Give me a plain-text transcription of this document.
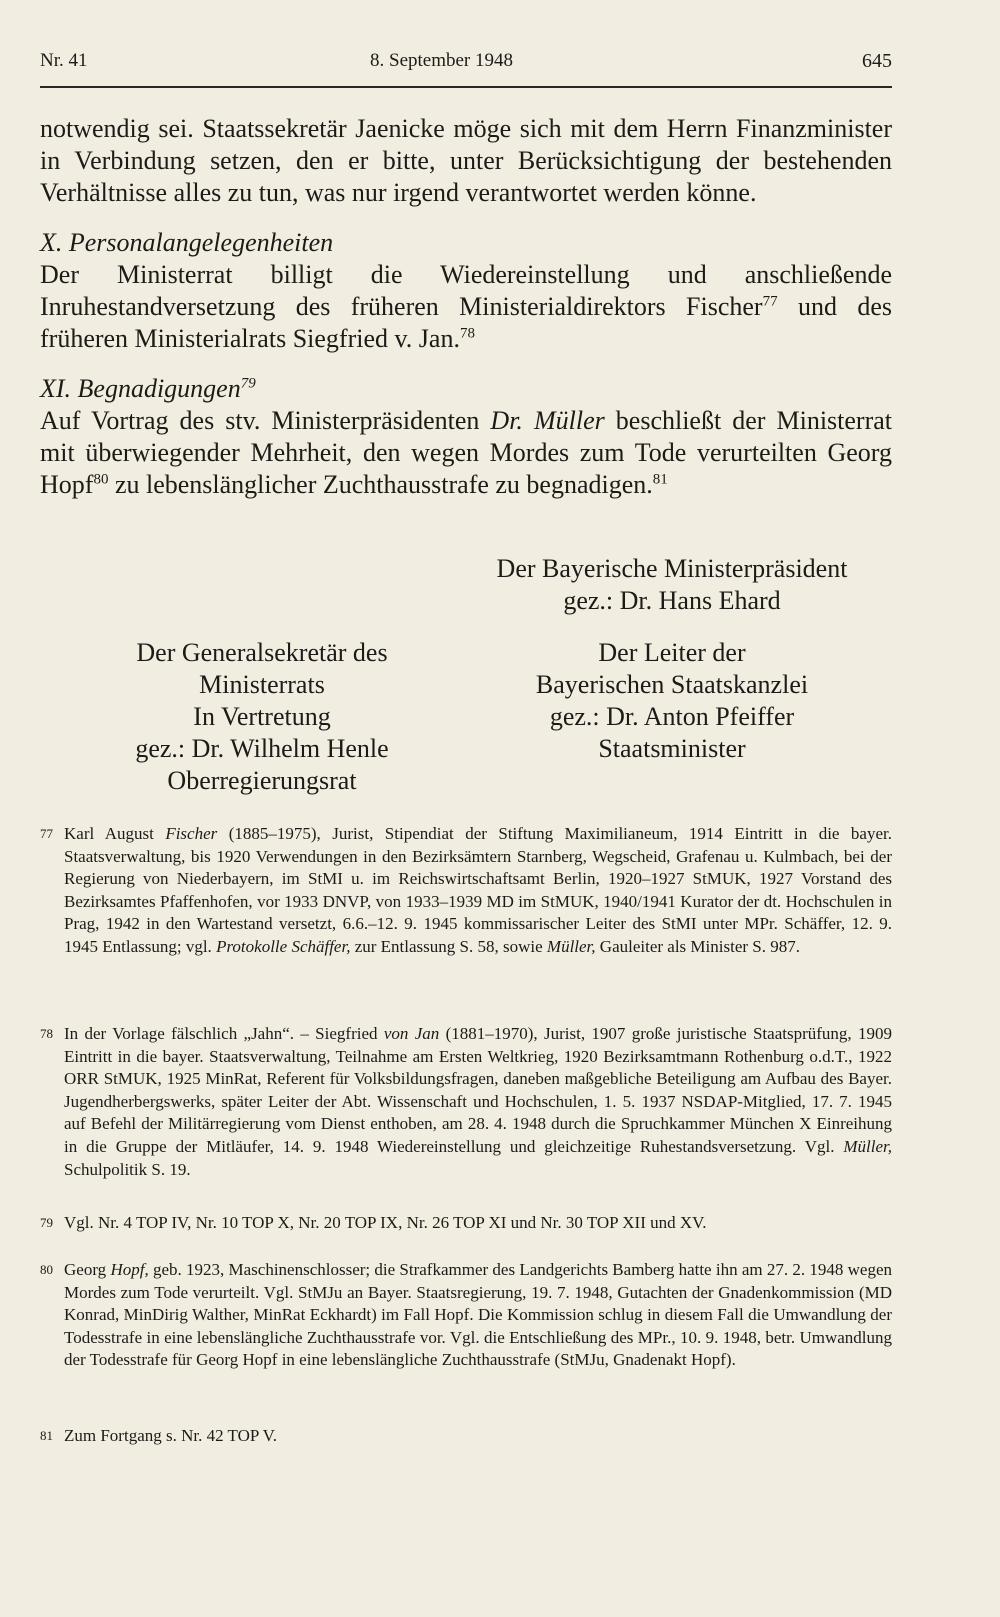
Nr. 41	8. September 1948	645

notwendig sei. Staatssekretär Jaenicke möge sich mit dem Herrn Finanzminister in Verbindung setzen, den er bitte, unter Berücksichtigung der bestehenden Verhältnisse alles zu tun, was nur irgend verantwortet werden könne.

X. Personalangelegenheiten

Der Ministerrat billigt die Wiedereinstellung und anschließende Inruhestandversetzung des früheren Ministerialdirektors Fischer$^{77}$ und des früheren Ministerialrats Siegfried v. Jan.$^{78}$

XI. Begnadigungen$^{79}$

Auf Vortrag des stv. Ministerpräsidenten Dr. Müller beschließt der Ministerrat mit überwiegender Mehrheit, den wegen Mordes zum Tode verurteilten Georg Hopf$^{80}$ zu lebenslänglicher Zuchthausstrafe zu begnadigen.$^{81}$

Der Bayerische Ministerpräsident
gez.: Dr. Hans Ehard
Der Generalsekretär des
Ministerrats
In Vertretung
gez.: Dr. Wilhelm Henle
Oberregierungsrat
Der Leiter der
Bayerischen Staatskanzlei
gez.: Dr. Anton Pfeiffer
Staatsminister
77 Karl August Fischer (1885–1975), Jurist, Stipendiat der Stiftung Maximilianeum, 1914 Eintritt in die bayer. Staatsverwaltung, bis 1920 Verwendungen in den Bezirksämtern Starnberg, Wegscheid, Grafenau u. Kulmbach, bei der Regierung von Niederbayern, im StMI u. im Reichswirtschaftsamt Berlin, 1920–1927 StMUK, 1927 Vorstand des Bezirksamtes Pfaffenhofen, vor 1933 DNVP, von 1933–1939 MD im StMUK, 1940/1941 Kurator der dt. Hochschulen in Prag, 1942 in den Wartestand versetzt, 6.6.–12. 9. 1945 kommissarischer Leiter des StMI unter MPr. Schäffer, 12. 9. 1945 Entlassung; vgl. Protokolle Schäffer, zur Entlassung S. 58, sowie Müller, Gauleiter als Minister S. 987.
78 In der Vorlage fälschlich „Jahn“. – Siegfried von Jan (1881–1970), Jurist, 1907 große juristische Staatsprüfung, 1909 Eintritt in die bayer. Staatsverwaltung, Teilnahme am Ersten Weltkrieg, 1920 Bezirksamtmann Rothenburg o.d.T., 1922 ORR StMUK, 1925 MinRat, Referent für Volksbildungsfragen, daneben maßgebliche Beteiligung am Aufbau des Bayer. Jugendherbergswerks, später Leiter der Abt. Wissenschaft und Hochschulen, 1. 5. 1937 NSDAP-Mitglied, 17. 7. 1945 auf Befehl der Militärregierung vom Dienst enthoben, am 28. 4. 1948 durch die Spruchkammer München X Einreihung in die Gruppe der Mitläufer, 14. 9. 1948 Wiedereinstellung und gleichzeitige Ruhestandsversetzung. Vgl. Müller, Schulpolitik S. 19.
79 Vgl. Nr. 4 TOP IV, Nr. 10 TOP X, Nr. 20 TOP IX, Nr. 26 TOP XI und Nr. 30 TOP XII und XV.
80 Georg Hopf, geb. 1923, Maschinenschlosser; die Strafkammer des Landgerichts Bamberg hatte ihn am 27. 2. 1948 wegen Mordes zum Tode verurteilt. Vgl. StMJu an Bayer. Staatsregierung, 19. 7. 1948, Gutachten der Gnadenkommission (MD Konrad, MinDirig Walther, MinRat Eckhardt) im Fall Hopf. Die Kommission schlug in diesem Fall die Umwandlung der Todesstrafe in eine lebenslängliche Zuchthausstrafe vor. Vgl. die Entschließung des MPr., 10. 9. 1948, betr. Umwandlung der Todesstrafe für Georg Hopf in eine lebenslängliche Zuchthausstrafe (StMJu, Gnadenakt Hopf).
81 Zum Fortgang s. Nr. 42 TOP V.
